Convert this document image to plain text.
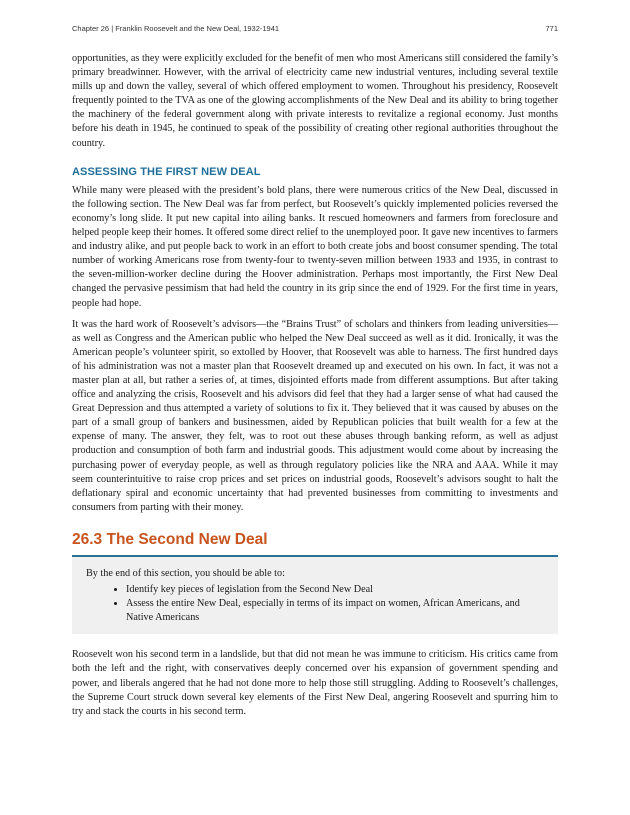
Chapter 26 | Franklin Roosevelt and the New Deal, 1932-1941	771

opportunities, as they were explicitly excluded for the benefit of men who most Americans still considered the family’s primary breadwinner. However, with the arrival of electricity came new industrial ventures, including several textile mills up and down the valley, several of which offered employment to women. Throughout his presidency, Roosevelt frequently pointed to the TVA as one of the glowing accomplishments of the New Deal and its ability to bring together the machinery of the federal government along with private interests to revitalize a regional economy. Just months before his death in 1945, he continued to speak of the possibility of creating other regional authorities throughout the country.

ASSESSING THE FIRST NEW DEAL

While many were pleased with the president’s bold plans, there were numerous critics of the New Deal, discussed in the following section. The New Deal was far from perfect, but Roosevelt’s quickly implemented policies reversed the economy’s long slide. It put new capital into ailing banks. It rescued homeowners and farmers from foreclosure and helped people keep their homes. It offered some direct relief to the unemployed poor. It gave new incentives to farmers and industry alike, and put people back to work in an effort to both create jobs and boost consumer spending. The total number of working Americans rose from twenty-four to twenty-seven million between 1933 and 1935, in contrast to the seven-million-worker decline during the Hoover administration. Perhaps most importantly, the First New Deal changed the pervasive pessimism that had held the country in its grip since the end of 1929. For the first time in years, people had hope.

It was the hard work of Roosevelt’s advisors—the “Brains Trust” of scholars and thinkers from leading universities—as well as Congress and the American public who helped the New Deal succeed as well as it did. Ironically, it was the American people’s volunteer spirit, so extolled by Hoover, that Roosevelt was able to harness. The first hundred days of his administration was not a master plan that Roosevelt dreamed up and executed on his own. In fact, it was not a master plan at all, but rather a series of, at times, disjointed efforts made from different assumptions. But after taking office and analyzing the crisis, Roosevelt and his advisors did feel that they had a larger sense of what had caused the Great Depression and thus attempted a variety of solutions to fix it. They believed that it was caused by abuses on the part of a small group of bankers and businessmen, aided by Republican policies that built wealth for a few at the expense of many. The answer, they felt, was to root out these abuses through banking reform, as well as adjust production and consumption of both farm and industrial goods. This adjustment would come about by increasing the purchasing power of everyday people, as well as through regulatory policies like the NRA and AAA. While it may seem counterintuitive to raise crop prices and set prices on industrial goods, Roosevelt’s advisors sought to halt the deflationary spiral and economic uncertainty that had prevented businesses from committing to investments and consumers from parting with their money.

26.3 The Second New Deal
By the end of this section, you should be able to:
• Identify key pieces of legislation from the Second New Deal
• Assess the entire New Deal, especially in terms of its impact on women, African Americans, and Native Americans

Roosevelt won his second term in a landslide, but that did not mean he was immune to criticism. His critics came from both the left and the right, with conservatives deeply concerned over his expansion of government spending and power, and liberals angered that he had not done more to help those still struggling. Adding to Roosevelt’s challenges, the Supreme Court struck down several key elements of the First New Deal, angering Roosevelt and spurring him to try and stack the courts in his second term.
